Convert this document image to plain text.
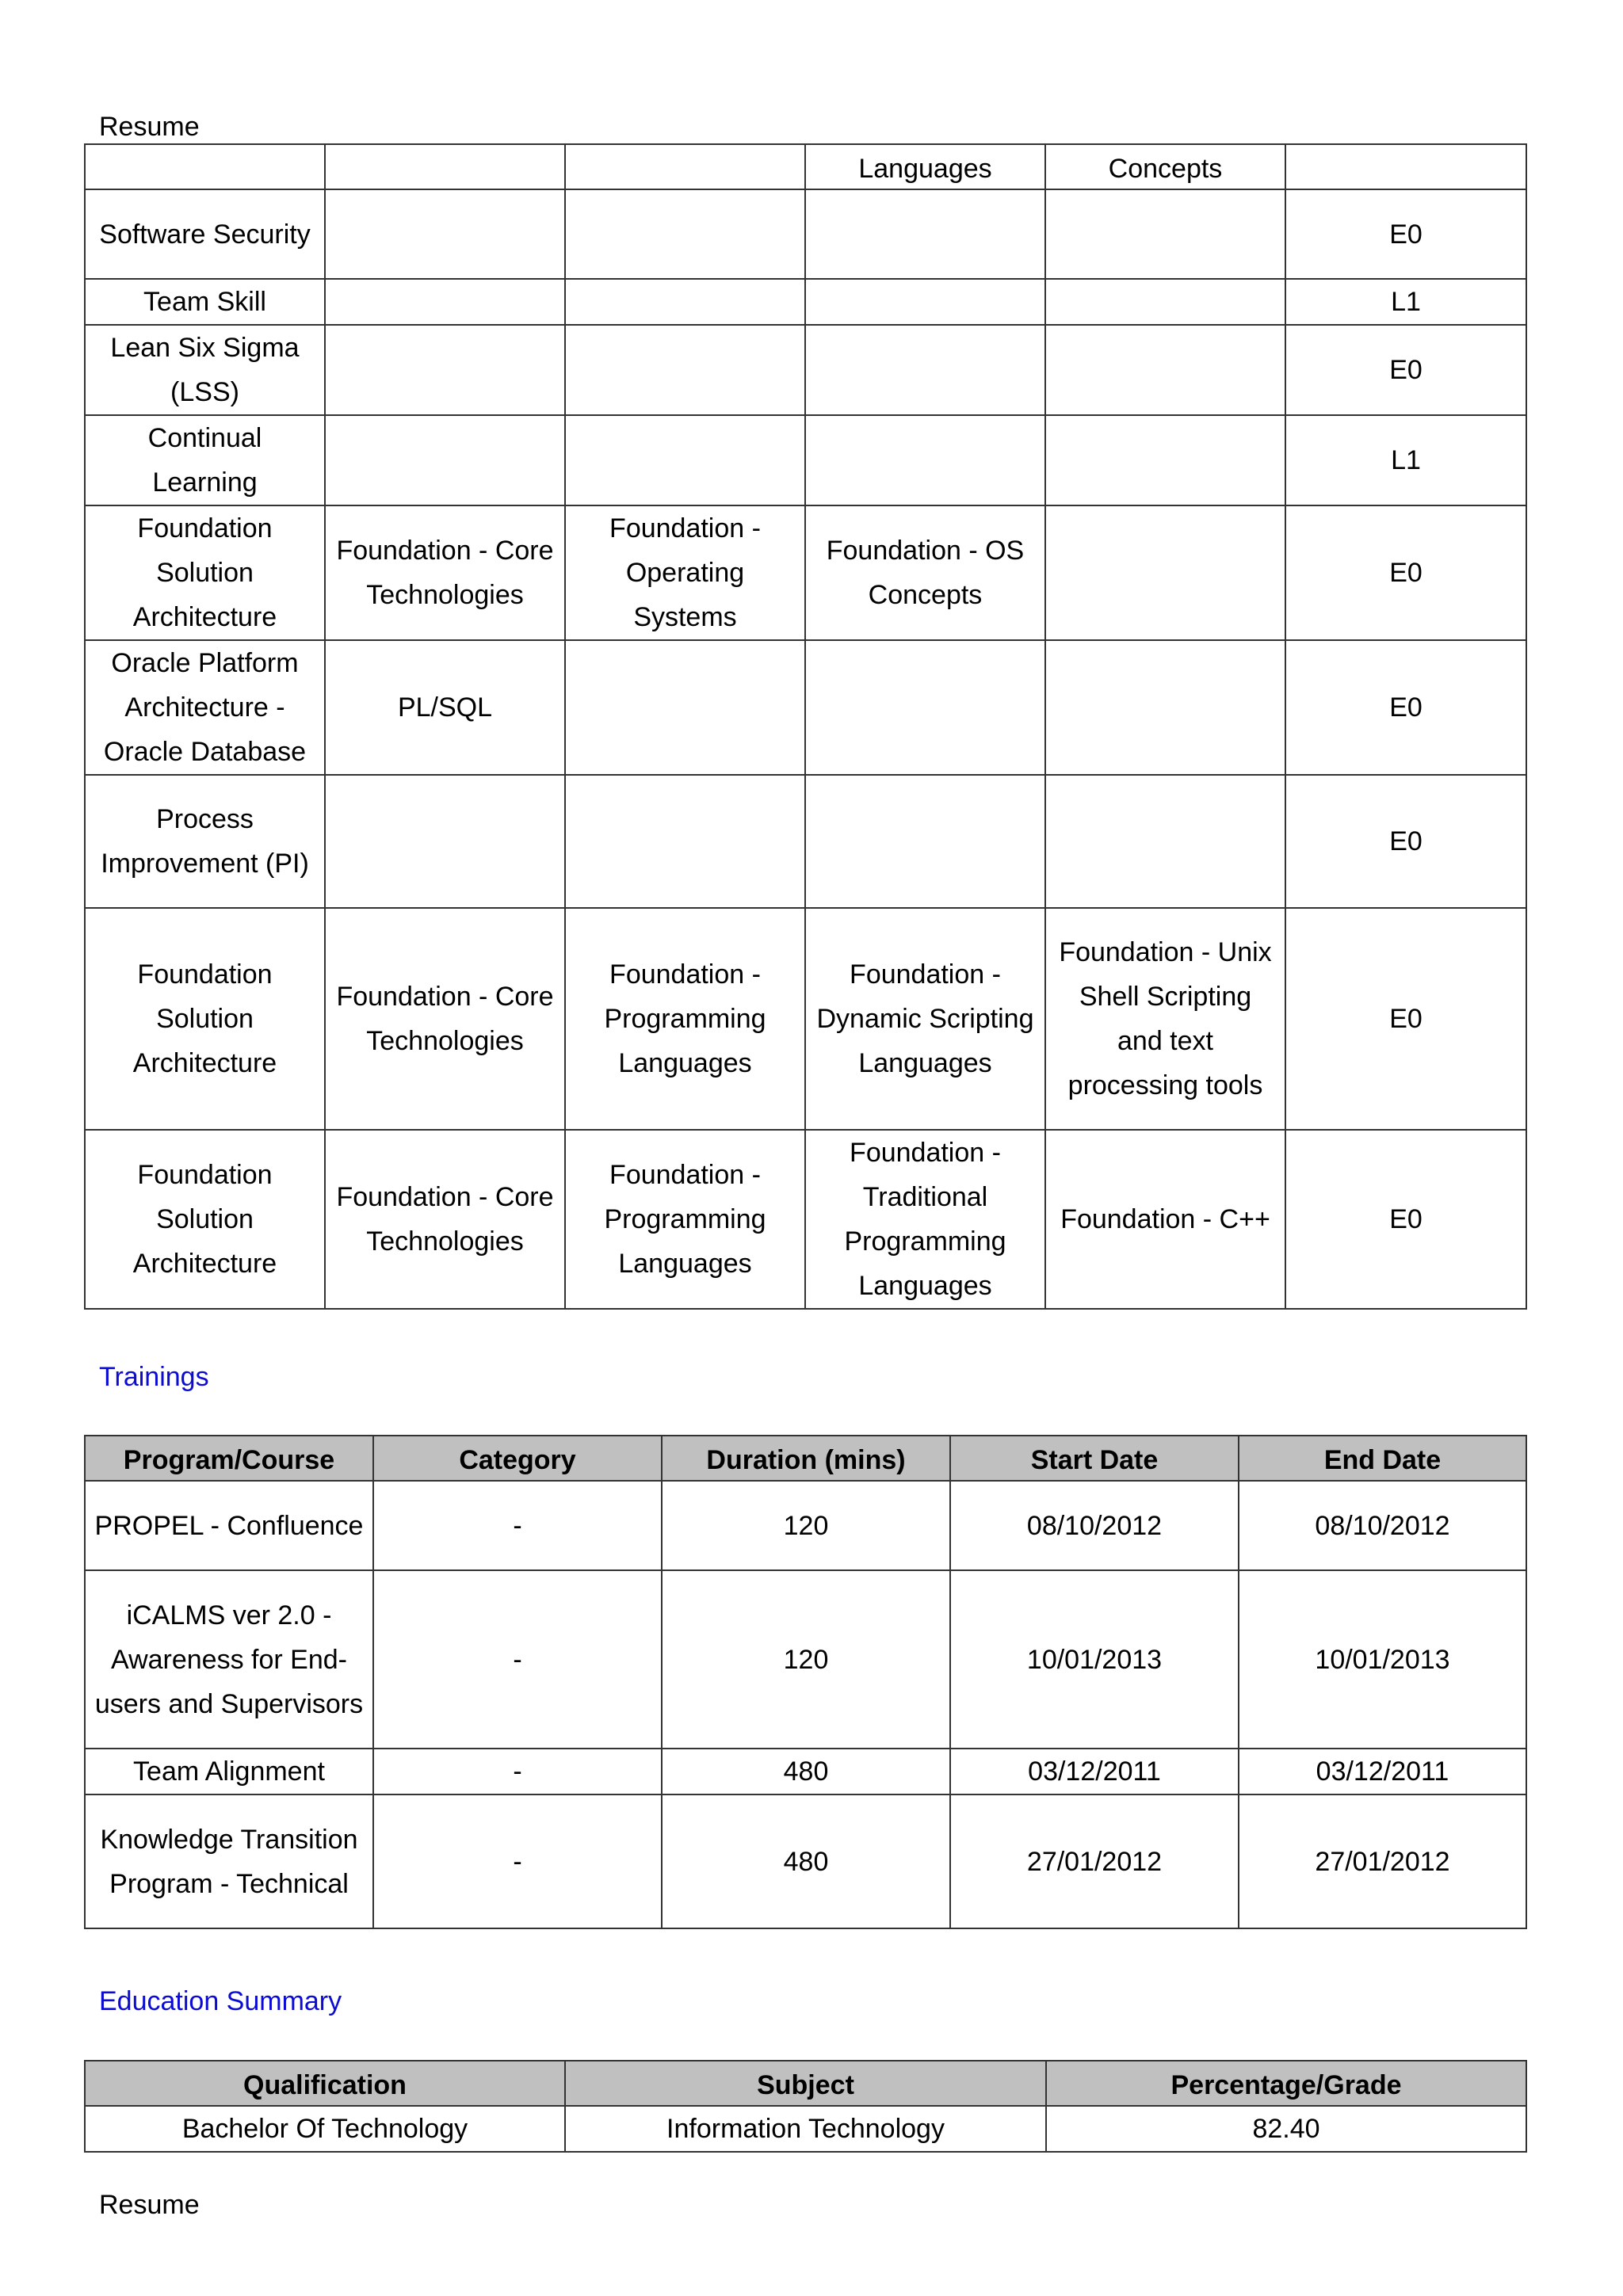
Resume
			Languages	Concepts	
Software Security					E0
Team Skill					L1
Lean Six Sigma (LSS)					E0
Continual Learning					L1
Foundation Solution Architecture	Foundation - Core Technologies	Foundation - Operating Systems	Foundation - OS Concepts		E0
Oracle Platform Architecture - Oracle Database	PL/SQL				E0
Process Improvement (PI)					E0
Foundation Solution Architecture	Foundation - Core Technologies	Foundation - Programming Languages	Foundation - Dynamic Scripting Languages	Foundation - Unix Shell Scripting and text processing tools	E0
Foundation Solution Architecture	Foundation - Core Technologies	Foundation - Programming Languages	Foundation - Traditional Programming Languages	Foundation - C++	E0
Trainings
Program/Course	Category	Duration (mins)	Start Date	End Date
PROPEL - Confluence	-	120	08/10/2012	08/10/2012
iCALMS ver 2.0 - Awareness for End-users and Supervisors	-	120	10/01/2013	10/01/2013
Team Alignment	-	480	03/12/2011	03/12/2011
Knowledge Transition Program - Technical	-	480	27/01/2012	27/01/2012
Education Summary
Qualification	Subject	Percentage/Grade
Bachelor Of Technology	Information Technology	82.40
Resume
